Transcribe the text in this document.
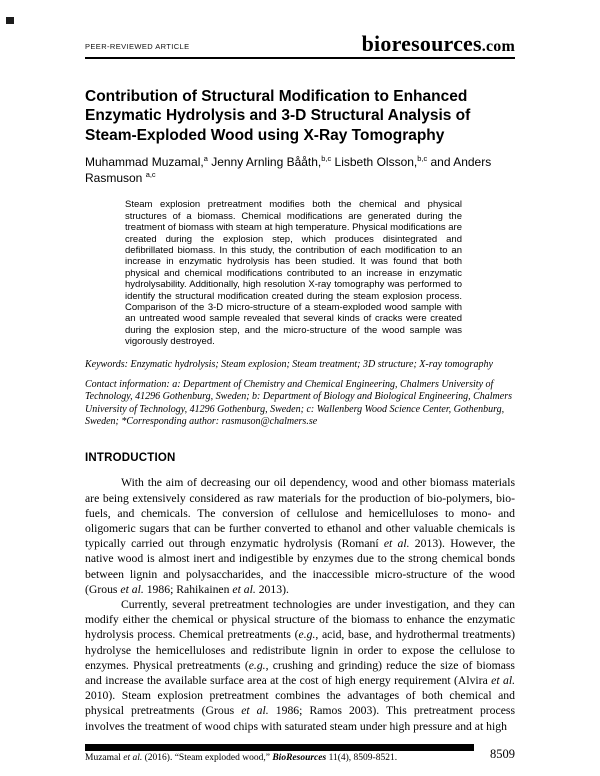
PEER-REVIEWED ARTICLE	bioresources.com
Contribution of Structural Modification to Enhanced Enzymatic Hydrolysis and 3-D Structural Analysis of Steam-Exploded Wood using X-Ray Tomography
Muhammad Muzamal,$^a$ Jenny Arnling Bååth,$^{b,c}$ Lisbeth Olsson,$^{b,c}$ and Anders Rasmuson $^{a,c}$
Steam explosion pretreatment modifies both the chemical and physical structures of a biomass. Chemical modifications are generated during the treatment of biomass with steam at high temperature. Physical modifications are created during the explosion step, which produces disintegrated and defibrillated biomass. In this study, the contribution of each modification to an increase in enzymatic hydrolysis has been studied. It was found that both physical and chemical modifications contributed to an increase in enzymatic hydrolysability. Additionally, high resolution X-ray tomography was performed to identify the structural modification created during the steam explosion process. Comparison of the 3-D micro-structure of a steam-exploded wood sample with an untreated wood sample revealed that several kinds of cracks were created during the explosion step, and the micro-structure of the wood sample was vigorously destroyed.
Keywords: Enzymatic hydrolysis; Steam explosion; Steam treatment; 3D structure; X-ray tomography
Contact information: a: Department of Chemistry and Chemical Engineering, Chalmers University of Technology, 41296 Gothenburg, Sweden; b: Department of Biology and Biological Engineering, Chalmers University of Technology, 41296 Gothenburg, Sweden; c: Wallenberg Wood Science Center, Gothenburg, Sweden; *Corresponding author: rasmuson@chalmers.se
INTRODUCTION

With the aim of decreasing our oil dependency, wood and other biomass materials are being extensively considered as raw materials for the production of bio-polymers, bio-fuels, and chemicals. The conversion of cellulose and hemicelluloses to mono- and oligomeric sugars that can be further converted to ethanol and other valuable chemicals is typically carried out through enzymatic hydrolysis (Romaní et al. 2013). However, the native wood is almost inert and indigestible by enzymes due to the strong chemical bonds between lignin and polysaccharides, and the inaccessible micro-structure of the wood (Grous et al. 1986; Rahikainen et al. 2013).

Currently, several pretreatment technologies are under investigation, and they can modify either the chemical or physical structure of the biomass to enhance the enzymatic hydrolysis process. Chemical pretreatments (e.g., acid, base, and hydrothermal treatments) hydrolyse the hemicelluloses and redistribute lignin in order to expose the cellulose to enzymes. Physical pretreatments (e.g., crushing and grinding) reduce the size of biomass and increase the available surface area at the cost of high energy requirement (Alvira et al. 2010). Steam explosion pretreatment combines the advantages of both chemical and physical pretreatments (Grous et al. 1986; Ramos 2003). This pretreatment process involves the treatment of wood chips with saturated steam under high pressure and at high

Muzamal et al. (2016). “Steam exploded wood,” BioResources 11(4), 8509-8521.	8509
